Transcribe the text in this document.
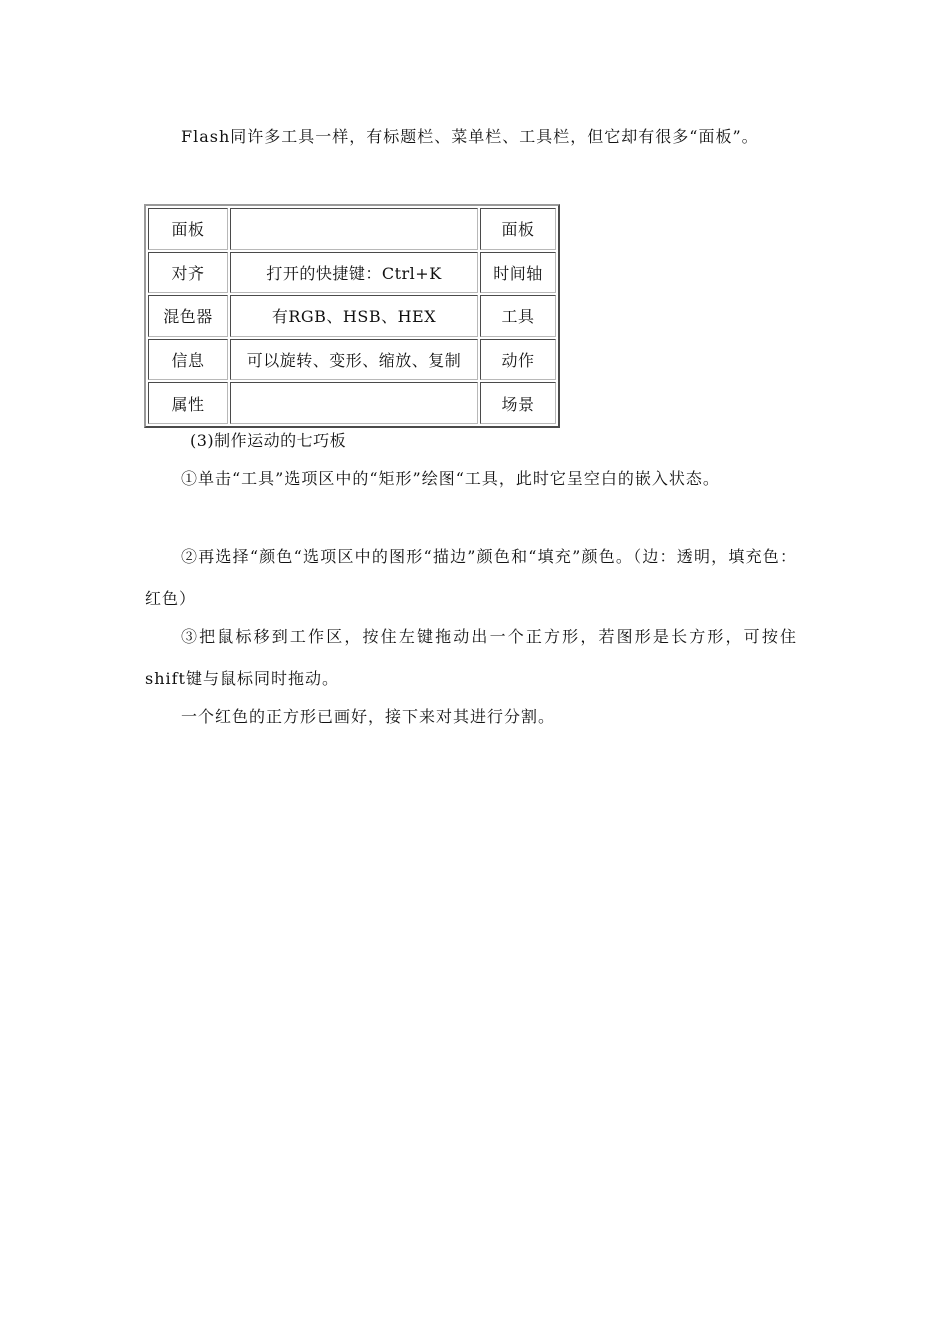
Flash同许多工具一样，有标题栏、菜单栏、工具栏，但它却有很多“面板”。

面板		面板
对齐	打开的快捷键：Ctrl+K	时间轴
混色器	有RGB、HSB、HEX	工具
信息	可以旋转、变形、缩放、复制	动作
属性		场景

(3)制作运动的七巧板

①单击“工具”选项区中的“矩形”绘图“工具，此时它呈空白的嵌入状态。

②再选择“颜色“选项区中的图形“描边”颜色和“填充”颜色。（边：透明，填充色：红色）

③把鼠标移到工作区，按住左键拖动出一个正方形，若图形是长方形，可按住shift键与鼠标同时拖动。

一个红色的正方形已画好，接下来对其进行分割。
